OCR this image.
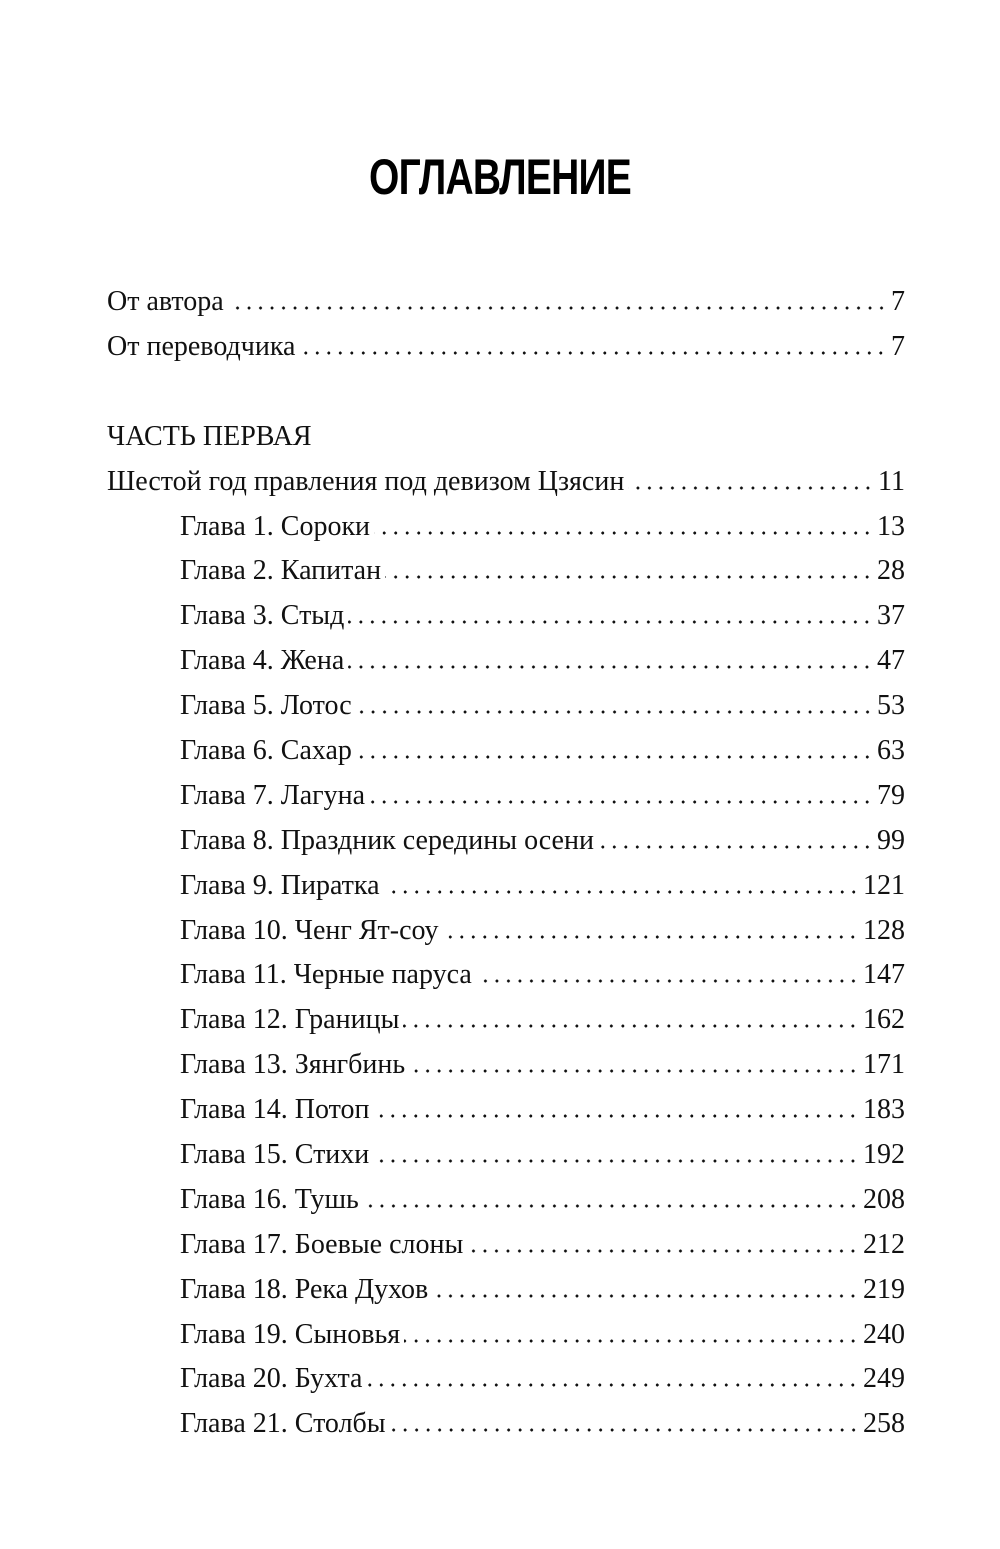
ОГЛАВЛЕНИЕ
От автора	7
От переводчика	7
ЧАСТЬ ПЕРВАЯ
Шестой год правления под девизом Цзясин	11
Глава 1. Сороки	13
Глава 2. Капитан	28
Глава 3. Стыд	37
Глава 4. Жена	47
Глава 5. Лотос	53
Глава 6. Сахар	63
Глава 7. Лагуна	79
Глава 8. Праздник середины осени	99
Глава 9. Пиратка	121
Глава 10. Ченг Ят-соу	128
Глава 11. Черные паруса	147
Глава 12. Границы	162
Глава 13. Зянгбинь	171
Глава 14. Потоп	183
Глава 15. Стихи	192
Глава 16. Тушь	208
Глава 17. Боевые слоны	212
Глава 18. Река Духов	219
Глава 19. Сыновья	240
Глава 20. Бухта	249
Глава 21. Столбы	258
